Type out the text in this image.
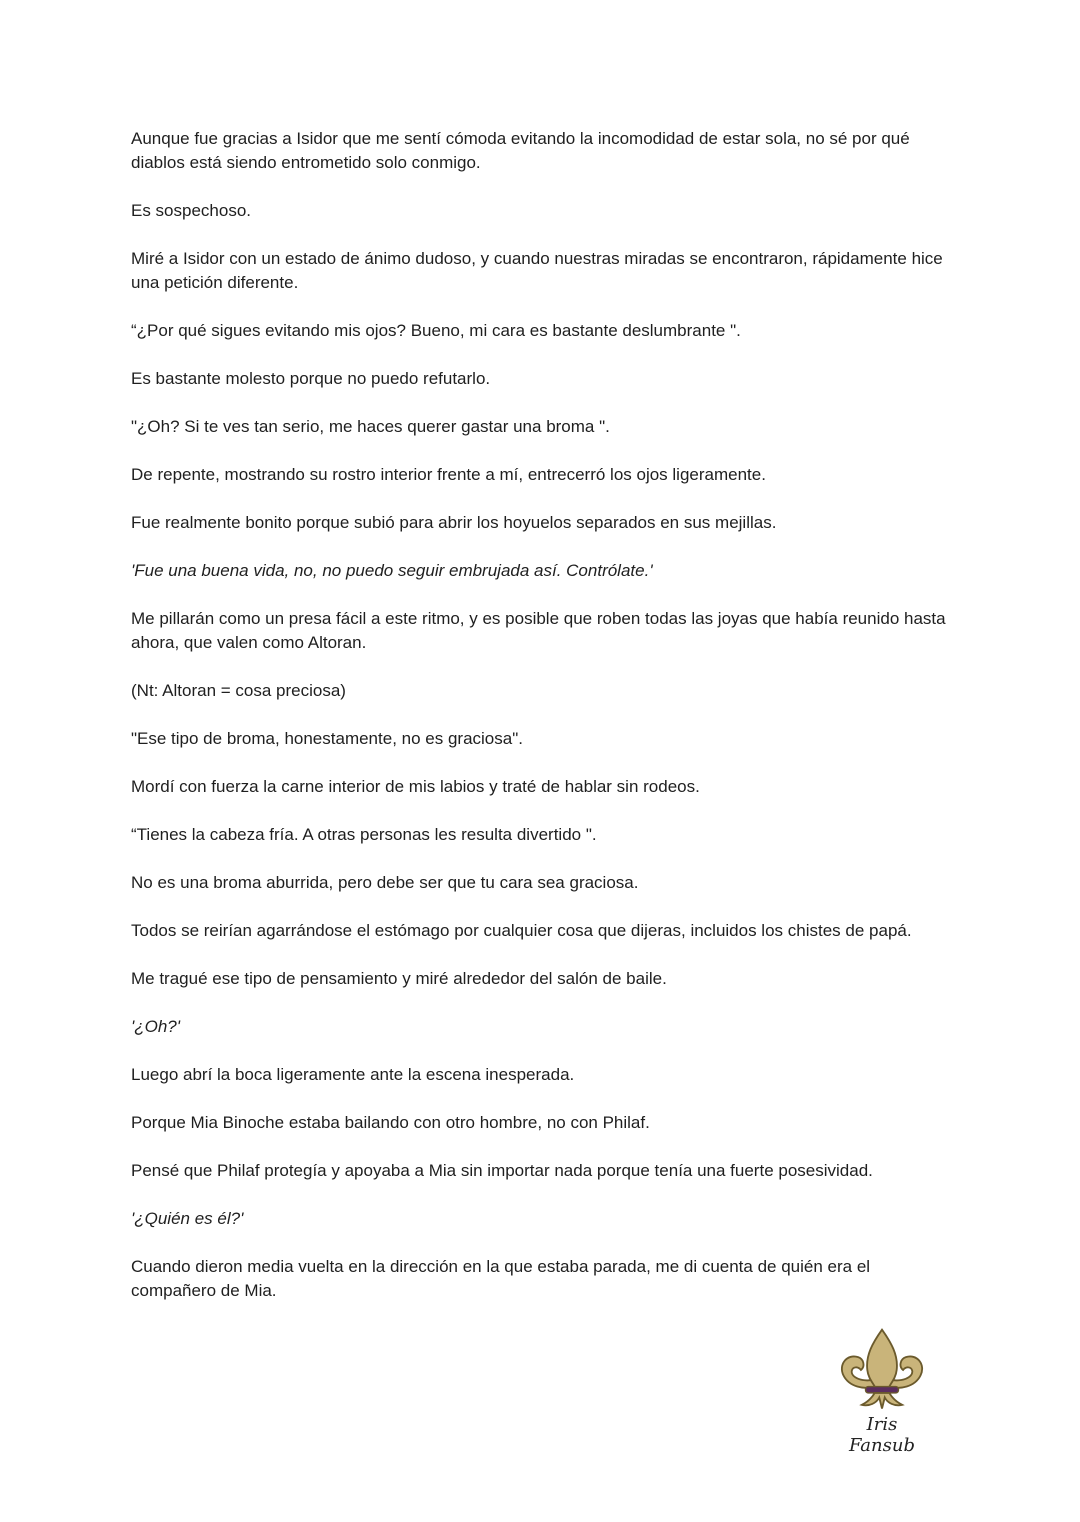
Aunque fue gracias a Isidor que me sentí cómoda evitando la incomodidad de estar sola, no sé por qué diablos está siendo entrometido solo conmigo.

Es sospechoso.

Miré a Isidor con un estado de ánimo dudoso, y cuando nuestras miradas se encontraron, rápidamente hice una petición diferente.

“¿Por qué sigues evitando mis ojos? Bueno, mi cara es bastante deslumbrante ".

Es bastante molesto porque no puedo refutarlo.

"¿Oh? Si te ves tan serio, me haces querer gastar una broma ".

De repente, mostrando su rostro interior frente a mí, entrecerró los ojos ligeramente.

Fue realmente bonito porque subió para abrir los hoyuelos separados en sus mejillas.

'Fue una buena vida, no, no puedo seguir embrujada así. Contrólate.'

Me pillarán como un presa fácil a este ritmo, y es posible que roben todas las joyas que había reunido hasta ahora, que valen como Altoran.

(Nt: Altoran = cosa preciosa)

"Ese tipo de broma, honestamente, no es graciosa".

Mordí con fuerza la carne interior de mis labios y traté de hablar sin rodeos.

“Tienes la cabeza fría. A otras personas les resulta divertido ".

No es una broma aburrida, pero debe ser que tu cara sea graciosa.

Todos se reirían agarrándose el estómago por cualquier cosa que dijeras, incluidos los chistes de papá.

Me tragué ese tipo de pensamiento y miré alrededor del salón de baile.

'¿Oh?'

Luego abrí la boca ligeramente ante la escena inesperada.

Porque Mia Binoche estaba bailando con otro hombre, no con Philaf.

Pensé que Philaf protegía y apoyaba a Mia sin importar nada porque tenía una fuerte posesividad.

'¿Quién es él?'

Cuando dieron media vuelta en la dirección en la que estaba parada, me di cuenta de quién era el compañero de Mia.

Iris Fansub
